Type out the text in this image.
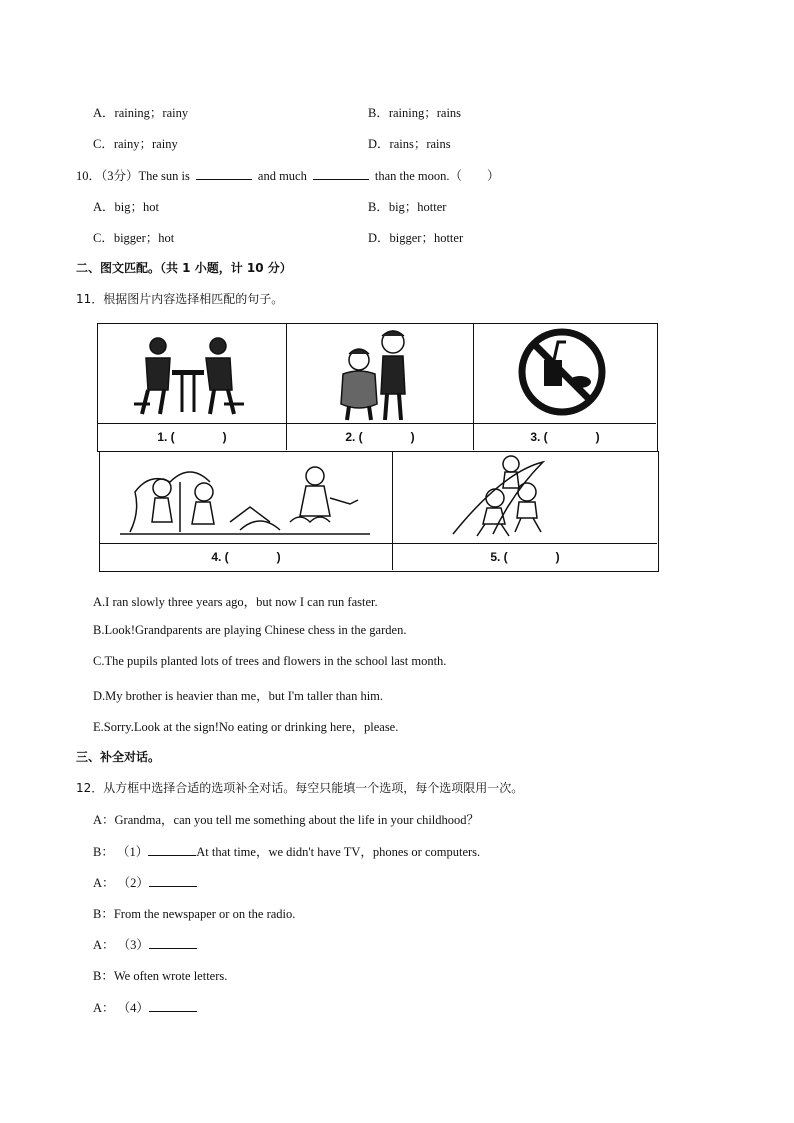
A．raining；rainy	B．raining；rains
C．rainy；rainy	D．rains；rains
10．（3分）The sun is	and much	than the moon.（　　）
A．big；hot	B．big；hotter
C．bigger；hot	D．bigger；hotter
二、图文匹配。（共 1 小题，计 10 分）
11．根据图片内容选择相匹配的句子。
1. (　　　　)	2. (　　　　)	3. (　　　　)
4. (　　　　)	5. (　　　　)
A.I ran slowly three years ago，but now I can run faster.
B.Look!Grandparents are playing Chinese chess in the garden.
C.The pupils planted lots of trees and flowers in the school last month.
D.My brother is heavier than me，but I'm taller than him.
E.Sorry.Look at the sign!No eating or drinking here，please.
三、补全对话。
12．从方框中选择合适的选项补全对话。每空只能填一个选项，每个选项限用一次。
A：Grandma，can you tell me something about the life in your childhood？
B： （1）	At that time，we didn't have TV，phones or computers.
A： （2）
B：From the newspaper or on the radio.
A： （3）
B：We often wrote letters.
A： （4）
